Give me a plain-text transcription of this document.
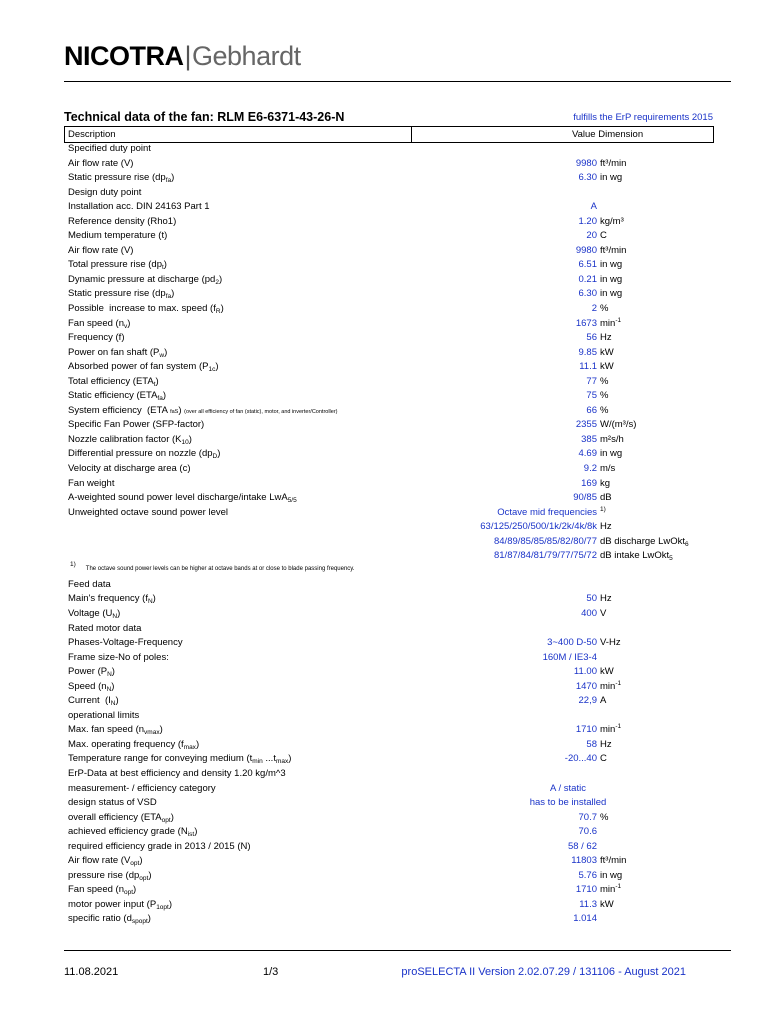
NICOTRA|Gebhardt
Technical data of the fan: RLM E6-6371-43-26-N	fulfills the ErP requirements 2015
Description	Value Dimension
Specified duty point
Air flow rate (V)	9980 ft³/min
Static pressure rise $(dp_{fa})$	6.30 in wg
Design duty point
Installation acc. DIN 24163 Part 1	A
Reference density (Rho1)	1.20 kg/m³
Medium temperature (t)	20 C
Air flow rate (V)	9980 ft³/min
Total pressure rise $(dp_t)$	6.51 in wg
Dynamic pressure at discharge $(pd_2)$	0.21 in wg
Static pressure rise $(dp_{fa})$	6.30 in wg
Possible  increase to max. speed $(f_R)$	2 %
Fan speed $(n_v)$	1673 $\min^{-1}$
Frequency (f)	56 Hz
Power on fan shaft $(P_w)$	9.85 kW
Absorbed power of fan system $(P_{1c})$	11.1 kW
Total efficiency $(ETA_t)$	77 %
Static efficiency $(ETA_{fa})$	75 %
System efficiency  (ETA faS) (over all efficiency of fan (static), motor, and inverter/Controller)	66 %
Specific Fan Power (SFP-factor)	2355 W/(m³/s)
Nozzle calibration factor $(K_{10})$	385 m²s/h
Differential pressure on nozzle $(dp_D)$	4.69 in wg
Velocity at discharge area (c)	9.2 m/s
Fan weight	169 kg
A-weighted sound power level discharge/intake LwA$_{5/5}$	90/85 dB
Unweighted octave sound power level	Octave mid frequencies $^{1)}$
63/125/250/500/1k/2k/4k/8k Hz
84/89/85/85/85/82/80/77 dB discharge LwOkt$_6$
81/87/84/81/79/77/75/72 dB intake LwOkt$_5$
$^{1)}$      The octave sound power levels can be higher at octave bands at or close to blade passing frequency.
Feed data
Main's frequency $(f_N)$	50 Hz
Voltage $(U_N)$	400 V
Rated motor data
Phases-Voltage-Frequency	3~400 D-50 V-Hz
Frame size-No of poles:	160M / IE3-4
Power $(P_N)$	11.00 kW
Speed $(n_N)$	1470 $\min^{-1}$
Current  $(I_N)$	22,9 A
operational limits
Max. fan speed $(n_{vmax})$	1710 $\min^{-1}$
Max. operating frequency $(f_{max})$	58 Hz
Temperature range for conveying medium ($t_{min}$ $...t_{max}$)	-20...40 C
ErP-Data at best efficiency and density 1.20 kg/m^3
measurement- / efficiency category	A / static
design status of VSD	has to be installed
overall efficiency $(ETA_{opt})$	70.7 %
achieved efficiency grade $(N_{ist})$	70.6
required efficiency grade in 2013 / 2015 (N)	58 / 62
Air flow rate $(V_{opt})$	11803 ft³/min
pressure rise $(dp_{opt})$	5.76 in wg
Fan speed $(n_{opt})$	1710 $\min^{-1}$
motor power input $(P_{1opt})$	11.3 kW
specific ratio $(d_{spopt})$	1.014
11.08.2021	1/3	proSELECTA II Version 2.02.07.29 / 131106 - August 2021
